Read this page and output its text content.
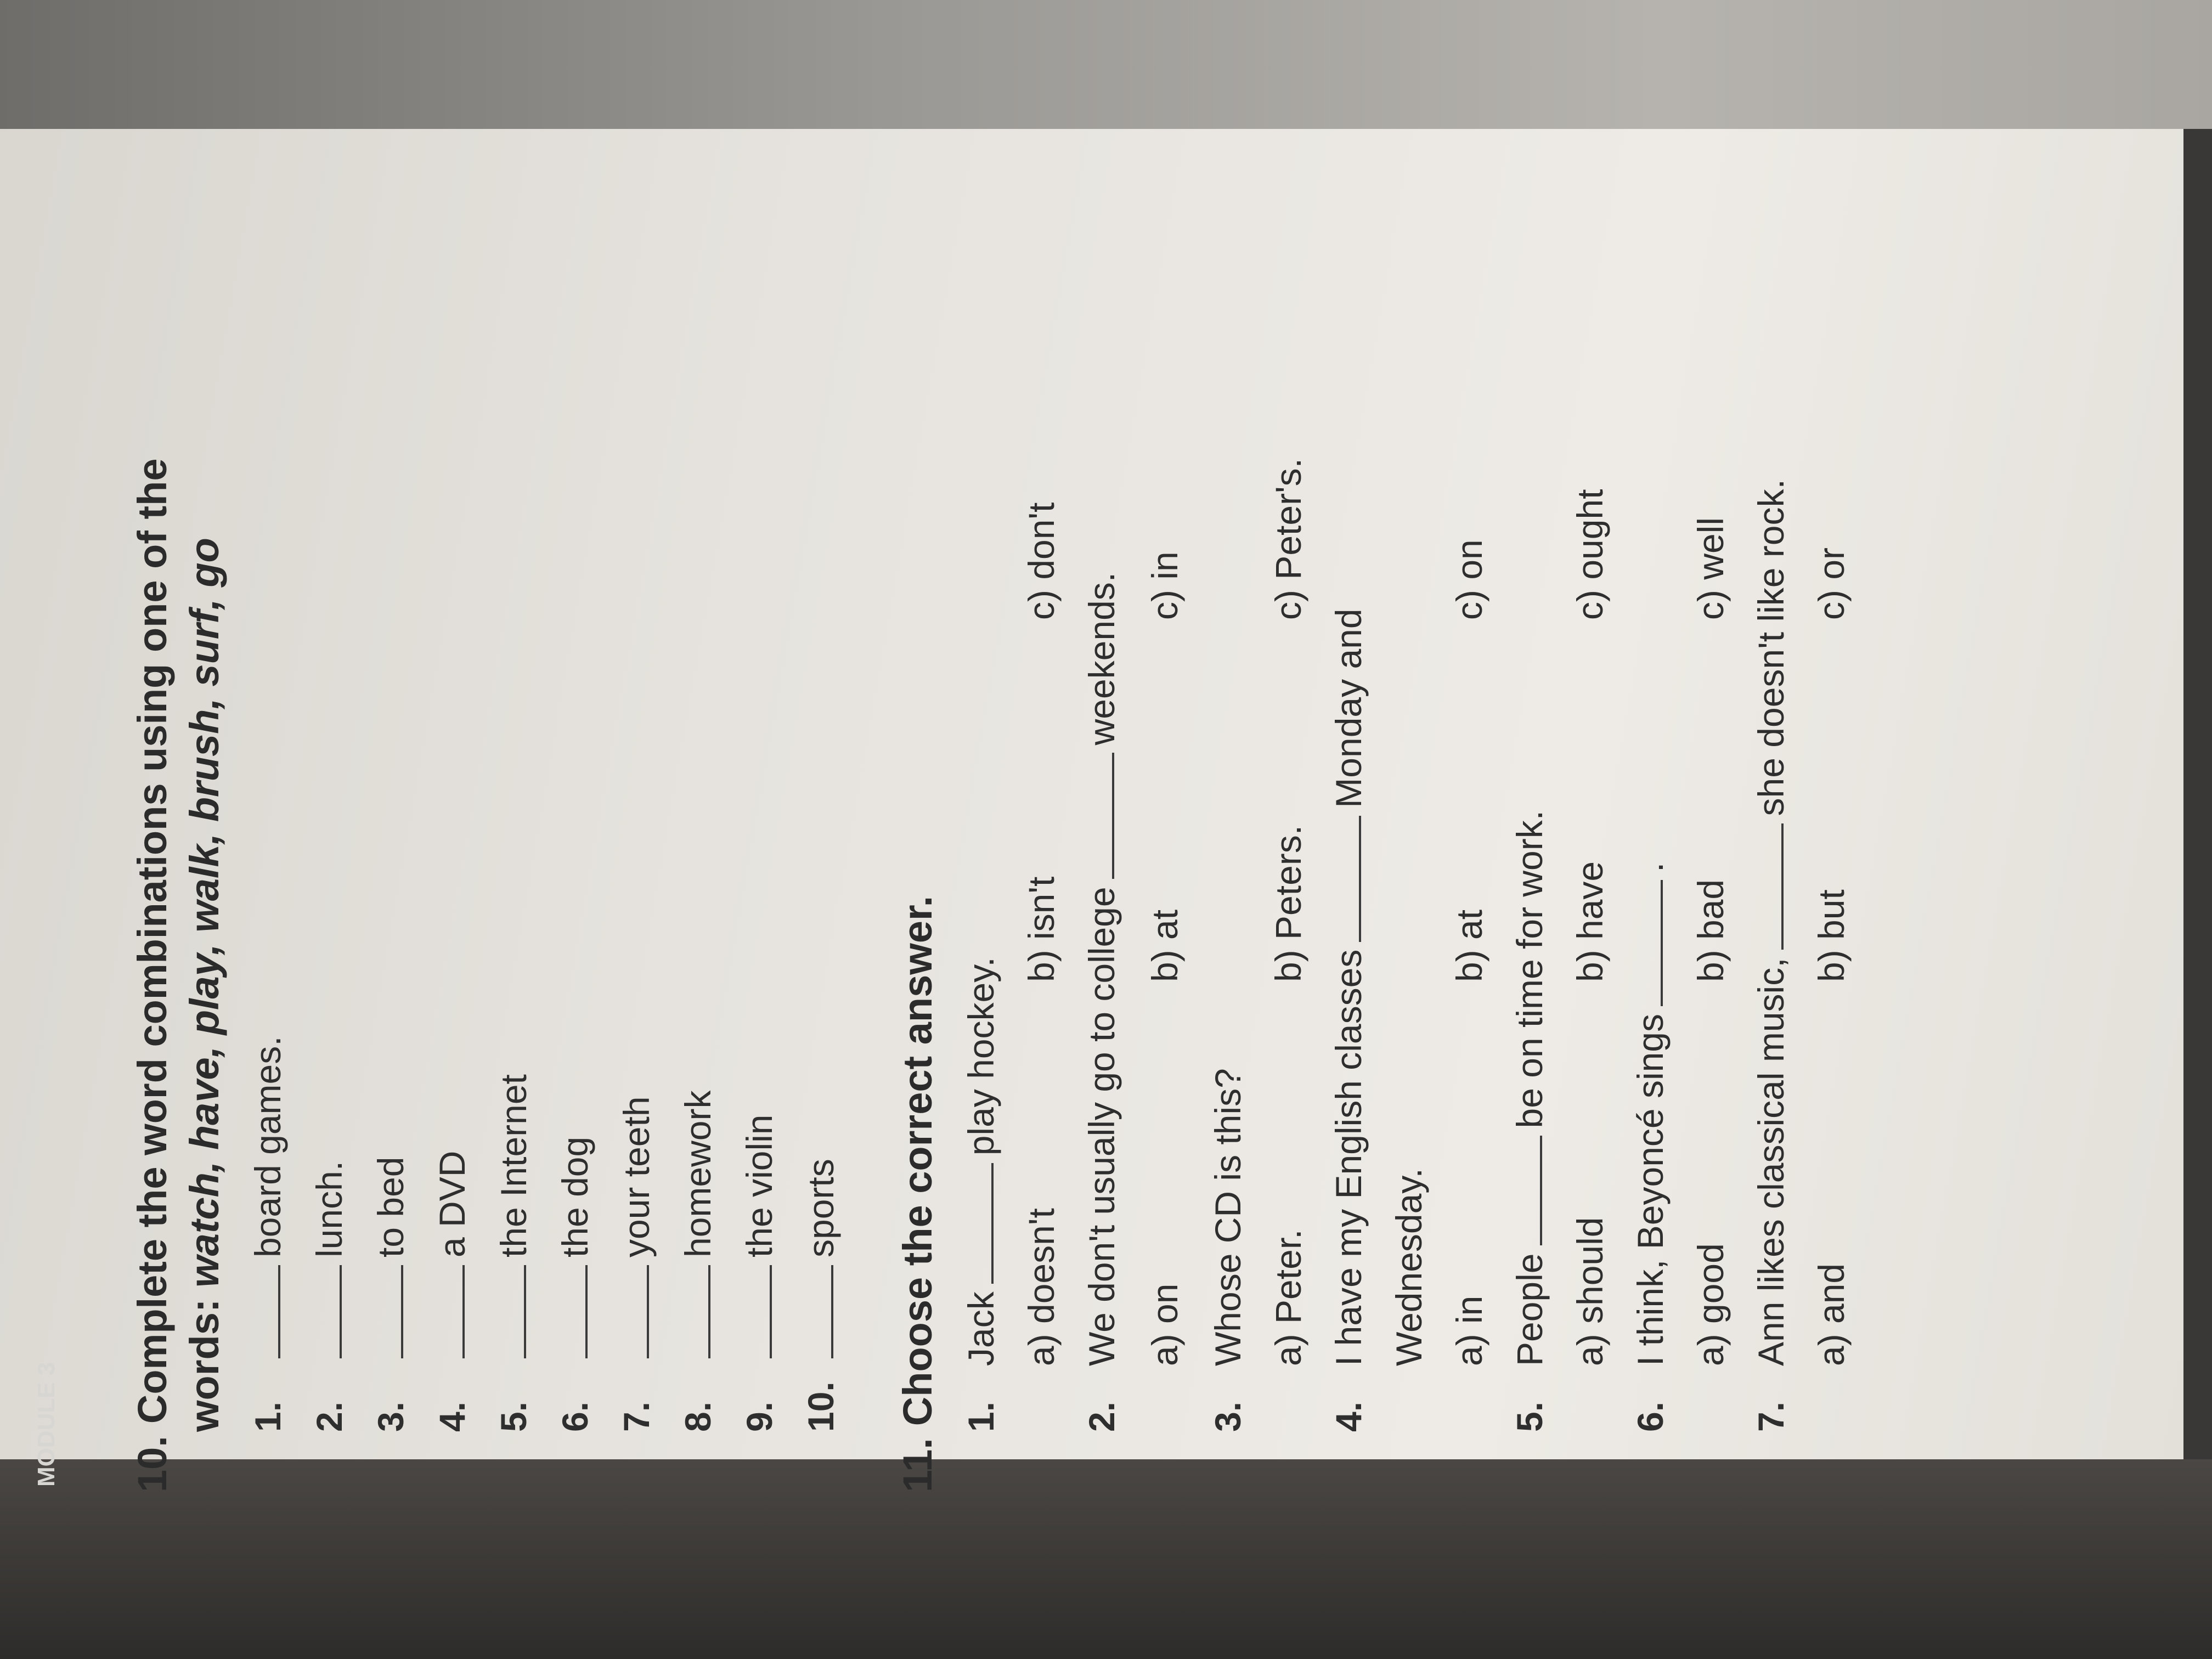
MODULE 3 10.Complete the word combinations using one of the words: watch, have, play, walk, brush, surf, go
1.board games.
2.lunch.
3.to bed
4.a DVD
5.the Internet
6.the dog
7.your teeth
8.homework
9.the violin
10.sports
11.Choose the correct answer. 1.Jackplay hockey.
a) doesn't
b) isn't
c) don't
2.We don't usually go to collegeweekends.
a) on
b) at
c) in
3.Whose CD is this? a) Peter.
b) Peters.
c) Peter's.
4.I have my English classesMonday and
Wednesday. a) in
b) at
c) on
5.Peoplebe on time for work.
a) should
b) have
c) ought
6.I think, Beyoncé sings.
a) good
b) bad
c) well
7.Ann likes classical music,she doesn't like rock.
a) and
b) but
c) or
